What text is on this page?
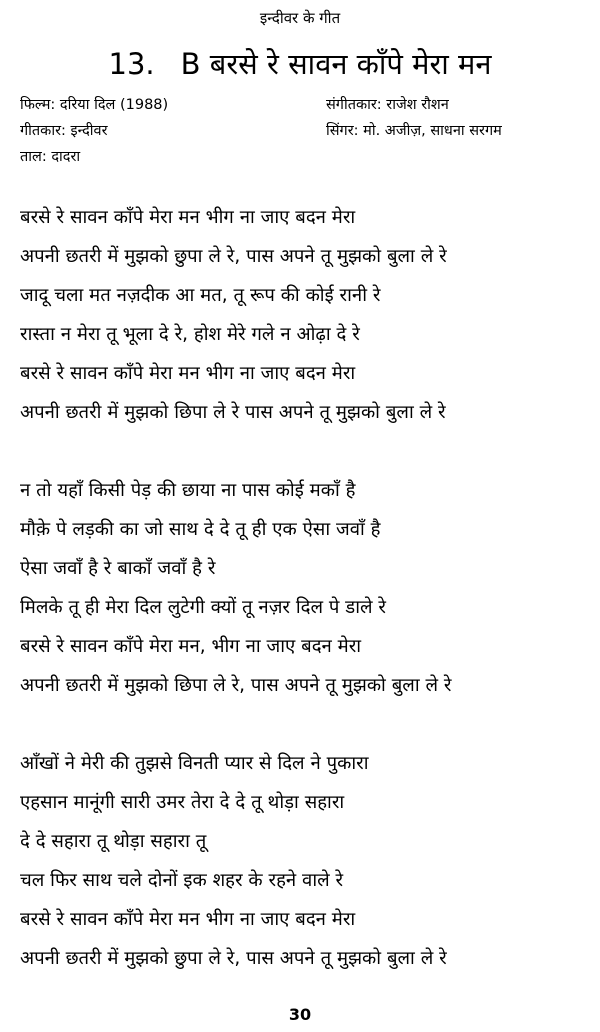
इन्दीवर के गीत
13. B बरसे रे सावन काँपे मेरा मन
फिल्म: दरिया दिल (1988)	संगीतकार: राजेश रौशन
गीतकार: इन्दीवर	सिंगर: मो. अजीज़, साधना सरगम
ताल: दादरा
बरसे रे सावन काँपे मेरा मन भीग ना जाए बदन मेरा
अपनी छतरी में मुझको छुपा ले रे, पास अपने तू मुझको बुला ले रे
जादू चला मत नज़दीक आ मत, तू रूप की कोई रानी रे
रास्ता न मेरा तू भूला दे रे, होश मेरे गले न ओढ़ा दे रे
बरसे रे सावन काँपे मेरा मन भीग ना जाए बदन मेरा
अपनी छतरी में मुझको छिपा ले रे पास अपने तू मुझको बुला ले रे
न तो यहाँ किसी पेड़ की छाया ना पास कोई मकाँ है
मौक़े पे लड़की का जो साथ दे दे तू ही एक ऐसा जवाँ है
ऐसा जवाँ है रे बाकाँ जवाँ है रे
मिलके तू ही मेरा दिल लुटेगी क्यों तू नज़र दिल पे डाले रे
बरसे रे सावन काँपे मेरा मन, भीग ना जाए बदन मेरा
अपनी छतरी में मुझको छिपा ले रे, पास अपने तू मुझको बुला ले रे
आँखों ने मेरी की तुझसे विनती प्यार से दिल ने पुकारा
एहसान मानूंगी सारी उमर तेरा दे दे तू थोड़ा सहारा
दे दे सहारा तू थोड़ा सहारा तू
चल फिर साथ चले दोनों इक शहर के रहने वाले रे
बरसे रे सावन काँपे मेरा मन भीग ना जाए बदन मेरा
अपनी छतरी में मुझको छुपा ले रे, पास अपने तू मुझको बुला ले रे
30
